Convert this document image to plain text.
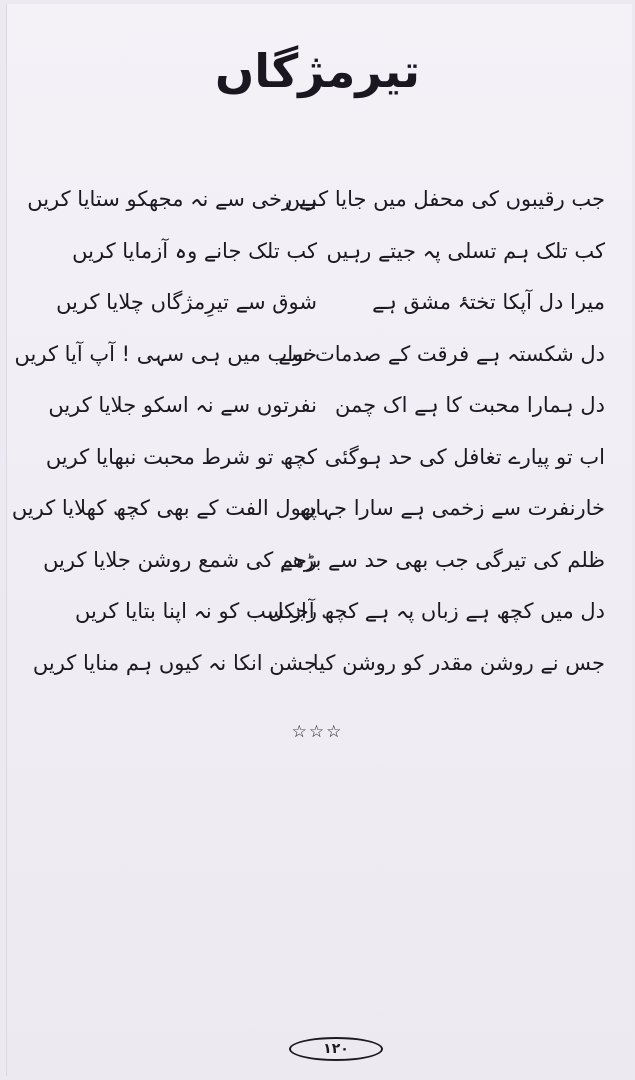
تیرمژگاں
جب رقیبوں کی محفل میں جایا کریں
بے رخی سے نہ مجھکو ستایا کریں
کب تلک ہم تسلی پہ جیتے رہیں
کب تلک جانے وہ آزمایا کریں
میرا دل آپکا تختۂ مشق ہے
شوق سے تیرِمژگاں چلایا کریں
دل شکستہ ہے فرقت کے صدمات سے
خواب میں ہی سہی ! آپ آیا کریں
دل ہمارا محبت کا ہے اک چمن
نفرتوں سے نہ اسکو جلایا کریں
اب تو پیارے تغافل کی حد ہوگئی
کچھ تو شرط محبت نبھایا کریں
خارنفرت سے زخمی ہے سارا جہاں
پھول الفت کے بھی کچھ کھلایا کریں
ظلم کی تیرگی جب بھی حد سے بڑھے
رحم کی شمع روشن جلایا کریں
دل میں کچھ ہے زباں پہ ہے کچھ آجکل
راز سب کو نہ اپنا بتایا کریں
جس نے روشن مقدر کو روشن کیا
جشن انکا نہ کیوں ہم منایا کریں
☆☆☆
۱۲۰
